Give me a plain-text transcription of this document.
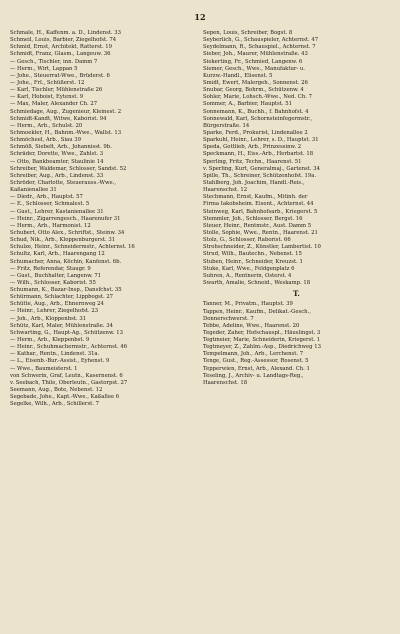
12
Schmale, H., Kaffenm. a. D., Lindenst. 33
Schmeil, Louis, Barbier, Ziegelhofst. 74
Schmid, Ernst, Architekt, Ratterst. 19
Schmidt, Franz, Glasm., Langeuw. 36
— Gesch., Tischler, inn. Damm 7
— Herm., Wirt, Lappan 5
— Johe., Steuerrat-Wwe., Brüderst. 6
— Johe., Frl., Schüßerst. 12
— Karl, Tischler, Mühlenstraße 26
— Karl, Hoboist, Eytenst. 9
— Max, Maler, Alexander Ch. 27
Schmiedage, Aug., Zugenieur, Kleinest. 2
Schmidt-Kandt, Witwe, Kaborist. 94
— Herm., Arb., Schulst. 20
Schmoekler, H., Bahnm.-Wwe., Wallst. 13
Schmöcheel, Arb., Siau 39
Schmöß, Siebelt, Arb., Johannisst. 9b.
Schräder, Dorette, Wwe., Zahlst. 3
— Otto, Bankbeamter, Staulinie 14
Schreiber, Waldemar, Schlosser, Sandst. 52
Schreiber, Aug., Arb., Lindenst. 33
Schröder, Charlotte, Steuerauss.-Wwe.,
Kaßanienallee 31
— Diedr., Arb., Hauptst. 57
— E., Schlosser, Schmalest. 5
— Gust., Lehrer, Kastanienallee 31
— Heinr., Zigarrengesch., Haarenufer 31
— Herm., Arb., Harmonist. 12
Schubert, Otto Alex., Schriftst., Steinw. 34
Schud, Nik., Arb., Kloppenburgerst. 31
Schulze, Heinr., Schneidermstr., Achternst. 16
Schultz, Karl, Arb., Haarengang 12
Schumacher, Anna, Köchin, Kanfenst. 6b.
— Fritz, Referendar, Staugr. 9
— Gust., Buchhalter, Langenw. 71
— Wilh., Schlosser, Kaborist. 55
Schumann, K., Bazar-Insp., Dansfchst. 35
Schürmann, Schlachter, Lippbogst. 27
Schütte, Aug., Arb., Ehnernweg 24
— Heinr., Lehrer, Ziegelhofst. 23
— Joh., Arb., Kloppenbst. 31
Schütz, Karl, Maler, Mühlenstraße. 34
Schwarting, G., Haupt-Ag., Schützenw. 13
— Herm., Arb., Kleppenbst. 9
— Heinr., Schuhmachermstr., Achternst. 46
— Kathar., Rentn., Lindenst. 31a.
— L., Eisenb.-Bur.-Assist., Eyhenst. 9
— Wwe., Baumeisterst. 1
von Schwerin, Graf, Leutn., Kasernenst. 6
v. Seebach, Thile, Oberleutn., Gastorpst. 27
Seemann, Aug., Bote, Nebenst. 12
Segebade, Johe., Kapt.-Wwe., Kaßallee 6
Segelke, Wilh., Arb., Schillerst. 7
Sepen, Louis, Schreiber, Bogst. 8
Seyberlich, G., Schauspieler, Achternst. 47
Seydelmann, R., Schauspiel., Achternst. 7
Sieber, Joh., Maurer, Mühlenstraße. 43
Siekerting, Fr., Schmied, Langenw. 6
Siemer, Gesch., Wwe., Manufaktur- u.
Kurzw.-Handl., Elisenst. 5
Smidt, Ewert, Malergeh., Sonnenst. 26
Snubar, Georg, Bohrm., Schützenw. 4
Sohler, Marie, Lohsch.-Wwe., Ned. Ch. 7
Sommer, A., Barbier, Hauptst. 51
Sonnemann, K., Buchh., f. Bahnhofst. 4
Sonnewald, Karl, Schornsteinfegermstr.,
Bürgerstraße. 14
Sparke, Ferd., Prokurist, Lindenallee 2
Sparkuhl, Heinr., Lehrer, s. D., Hauptst. 31
Speda, Gottlieb, Arb., Prinzessinw. 2
Speckmann, H., Eiss.-Arb., Herbartst. 18
Sperling, Fritz, Techn., Haarenst. 51
v. Sperling, Kurt, Generalmaj., Gartenst. 34
Spille, Th., Schreiner, Schützenhofst. 19a.
Stahlberg, Joh. Joachim, Handl.-Reis.,
Haarenschst. 12
Stechmann, Ernst, Kaufm., Mitinh. der
Firma Iakobsheim. Eisent., Achternst. 44
Steinweg, Karl, Bahnhofsarb., Kriegerst. 5
Stemmler, Joh., Schlosser, Bergst. 16
Steuer, Heinr., Rentmstr., Aust. Damm 5
Stolle, Sophie, Wwe., Rentn., Haarenst. 21
Stolz, G., Schlosser, Raborist. 66
Strohschneider, Z., Künstler, Lambertist. 10
Strud, Wilh., Bautechn., Nebenst. 15
Stuben, Heinr., Schneider, Kreuzst. 1
Stuke, Karl, Wwe., Feldgenplatz 6
Suhren, A., Rentnerin, Osterst. 4
Swarth, Amalie, Schneid., Weskamp. 18
T.
Tanner, M., Privatm., Hauptst. 39
Tappen, Heinr., Kaufm., Delikat.-Gesch.,
Donnerschwerst. 7
Tebbe, Adeline, Wwe., Haarenst. 20
Tegeder, Zaher, Hofschauspl., Häuslingst. 3
Tegtmeier, Marie, Schneiderin, Kriegerst. 1
Tegtmeyer, Z., Zahlm.-Asp., Diedrichweg 13
Tempelmann, Joh., Arb., Lerchenst. 7
Tenge, Gust., Reg.-Assessor, Rosenst. 5
Tepperwien, Ernst, Arb., Alexand. Ch. 1
Teseling, J., Archiv- u. Landtags-Reg.,
Haarenschst. 18
